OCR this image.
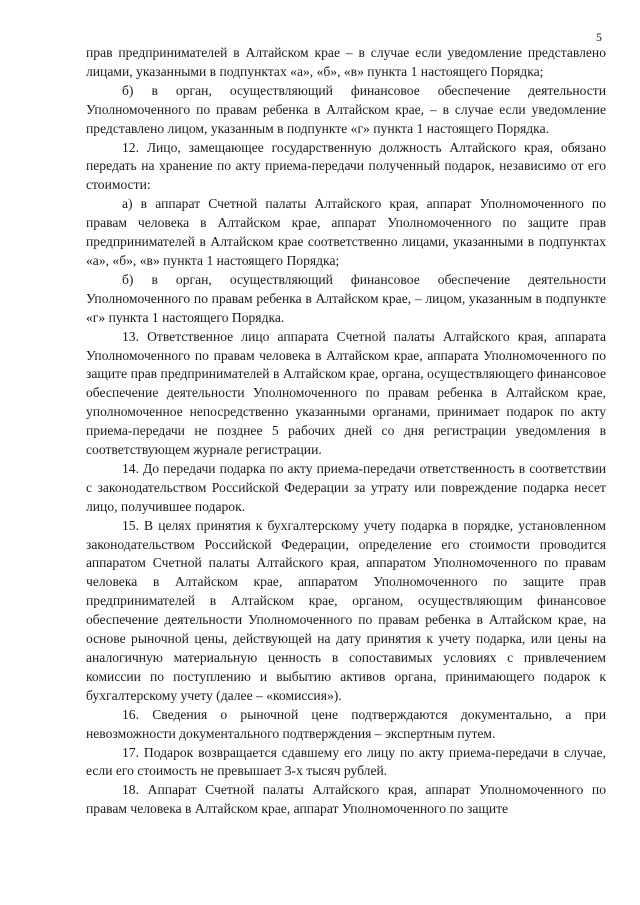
5

прав предпринимателей в Алтайском крае – в случае если уведомление представлено лицами, указанными в подпунктах «а», «б», «в» пункта 1 настоящего Порядка;

б) в орган, осуществляющий финансовое обеспечение деятельности Уполномоченного по правам ребенка в Алтайском крае, – в случае если уведомление представлено лицом, указанным в подпункте «г» пункта 1 настоящего Порядка.

12. Лицо, замещающее государственную должность Алтайского края, обязано передать на хранение по акту приема-передачи полученный подарок, независимо от его стоимости:

а) в аппарат Счетной палаты Алтайского края, аппарат Уполномоченного по правам человека в Алтайском крае, аппарат Уполномоченного по защите прав предпринимателей в Алтайском крае соответственно лицами, указанными в подпунктах «а», «б», «в» пункта 1 настоящего Порядка;

б) в орган, осуществляющий финансовое обеспечение деятельности Уполномоченного по правам ребенка в Алтайском крае, – лицом, указанным в подпункте «г» пункта 1 настоящего Порядка.

13. Ответственное лицо аппарата Счетной палаты Алтайского края, аппарата Уполномоченного по правам человека в Алтайском крае, аппарата Уполномоченного по защите прав предпринимателей в Алтайском крае, органа, осуществляющего финансовое обеспечение деятельности Уполномоченного по правам ребенка в Алтайском крае, уполномоченное непосредственно указанными органами, принимает подарок по акту приема-передачи не позднее 5 рабочих дней со дня регистрации уведомления в соответствующем журнале регистрации.

14. До передачи подарка по акту приема-передачи ответственность в соответствии с законодательством Российской Федерации за утрату или повреждение подарка несет лицо, получившее подарок.

15. В целях принятия к бухгалтерскому учету подарка в порядке, установленном законодательством Российской Федерации, определение его стоимости проводится аппаратом Счетной палаты Алтайского края, аппаратом Уполномоченного по правам человека в Алтайском крае, аппаратом Уполномоченного по защите прав предпринимателей в Алтайском крае, органом, осуществляющим финансовое обеспечение деятельности Уполномоченного по правам ребенка в Алтайском крае, на основе рыночной цены, действующей на дату принятия к учету подарка, или цены на аналогичную материальную ценность в сопоставимых условиях с привлечением комиссии по поступлению и выбытию активов органа, принимающего подарок к бухгалтерскому учету (далее – «комиссия»).

16. Сведения о рыночной цене подтверждаются документально, а при невозможности документального подтверждения – экспертным путем.

17. Подарок возвращается сдавшему его лицу по акту приема-передачи в случае, если его стоимость не превышает 3-х тысяч рублей.

18. Аппарат Счетной палаты Алтайского края, аппарат Уполномоченного по правам человека в Алтайском крае, аппарат Уполномоченного по защите
